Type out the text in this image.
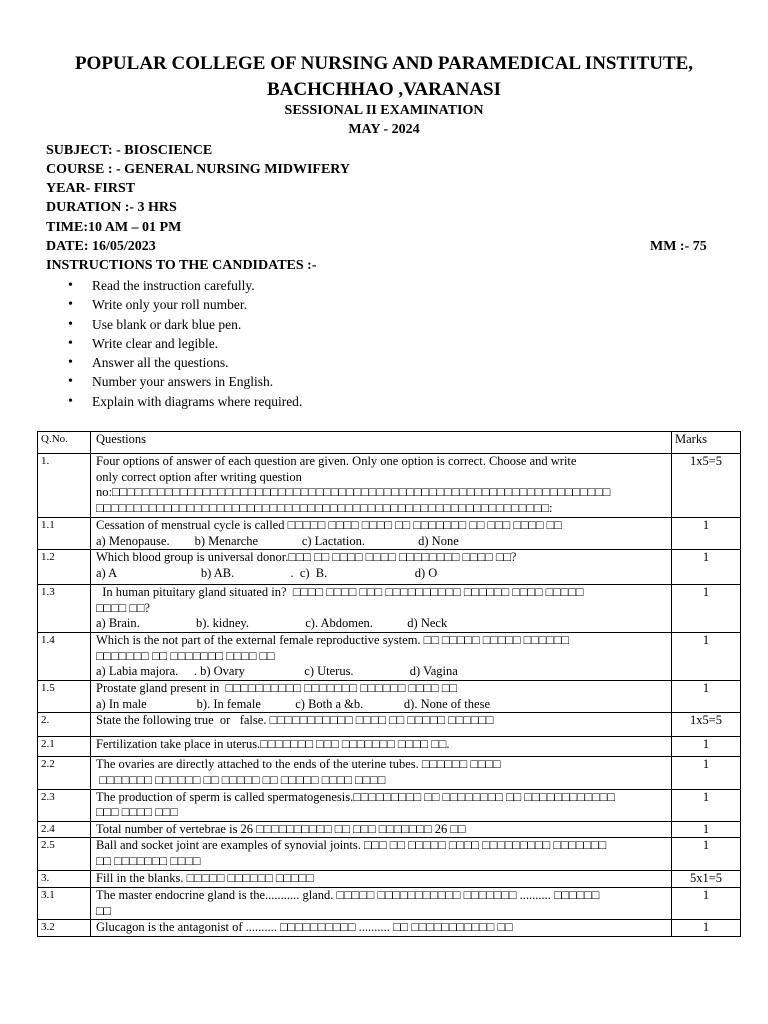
POPULAR COLLEGE OF NURSING AND PARAMEDICAL INSTITUTE,
BACHCHHAO ,VARANASI
SESSIONAL II EXAMINATION
MAY - 2024
SUBJECT: - BIOSCIENCE
COURSE : - GENERAL NURSING MIDWIFERY
YEAR- FIRST
DURATION :- 3 HRS
TIME:10 AM – 01 PM
DATE: 16/05/2023	MM :- 75
INSTRUCTIONS TO THE CANDIDATES :-
• Read the instruction carefully.
• Write only your roll number.
• Use blank or dark blue pen.
• Write clear and legible.
• Answer all the questions.
• Number your answers in English.
• Explain with diagrams where required.
Q.No.	Questions	Marks
1.	Four options of answer of each question are given. Only one option is correct. Choose and write
only correct option after writing question
no:□□□□□□□□□□□□□□□□□□□□□□□□□□□□□□□□□□□□□□□□□□□□□□□□□□□□□□□□□□□□□□□□□□
□□□□□□□□□□□□□□□□□□□□□□□□□□□□□□□□□□□□□□□□□□□□□□□□□□□□□□□□□□□□:	1x5=5
1.1	Cessation of menstrual cycle is called □□□□□ □□□□ □□□□ □□ □□□□□□□ □□ □□□ □□□□ □□
a) Menopause.        b) Menarche              c) Lactation.                 d) None	1
1.2	Which blood group is universal donor.□□□ □□ □□□□ □□□□ □□□□□□□□ □□□□ □□?
a) A                           b) AB.                  .  c)  B.                            d) O	1
1.3	In human pituitary gland situated in?  □□□□ □□□□ □□□ □□□□□□□□□□ □□□□□□ □□□□ □□□□□
□□□□ □□?
a) Brain.                  b). kidney.                  c). Abdomen.           d) Neck	1
1.4	Which is the not part of the external female reproductive system. □□ □□□□□ □□□□□ □□□□□□
□□□□□□□ □□ □□□□□□□ □□□□ □□
a) Labia majora.     . b) Ovary                   c) Uterus.                  d) Vagina	1
1.5	Prostate gland present in  □□□□□□□□□□ □□□□□□□ □□□□□□ □□□□ □□
a) In male                b). In female           c) Both a &b.             d). None of these	1
2.	State the following true  or   false. □□□□□□□□□□□ □□□□ □□ □□□□□ □□□□□□	1x5=5
2.1	Fertilization take place in uterus.□□□□□□□ □□□ □□□□□□□ □□□□ □□.	1
2.2	The ovaries are directly attached to the ends of the uterine tubes. □□□□□□ □□□□
□□□□□□□ □□□□□□ □□ □□□□□ □□ □□□□□ □□□□ □□□□	1
2.3	The production of sperm is called spermatogenesis.□□□□□□□□□ □□ □□□□□□□□ □□ □□□□□□□□□□□□
□□□ □□□□ □□□	1
2.4	Total number of vertebrae is 26 □□□□□□□□□□ □□ □□□ □□□□□□□ 26 □□	1
2.5	Ball and socket joint are examples of synovial joints. □□□ □□ □□□□□ □□□□ □□□□□□□□□ □□□□□□□
□□ □□□□□□□ □□□□	1
3.	Fill in the blanks. □□□□□ □□□□□□ □□□□□	5x1=5
3.1	The master endocrine gland is the........... gland. □□□□□ □□□□□□□□□□□ □□□□□□□ .......... □□□□□□
□□	1
3.2	Glucagon is the antagonist of .......... □□□□□□□□□□ .......... □□ □□□□□□□□□□□ □□	1
